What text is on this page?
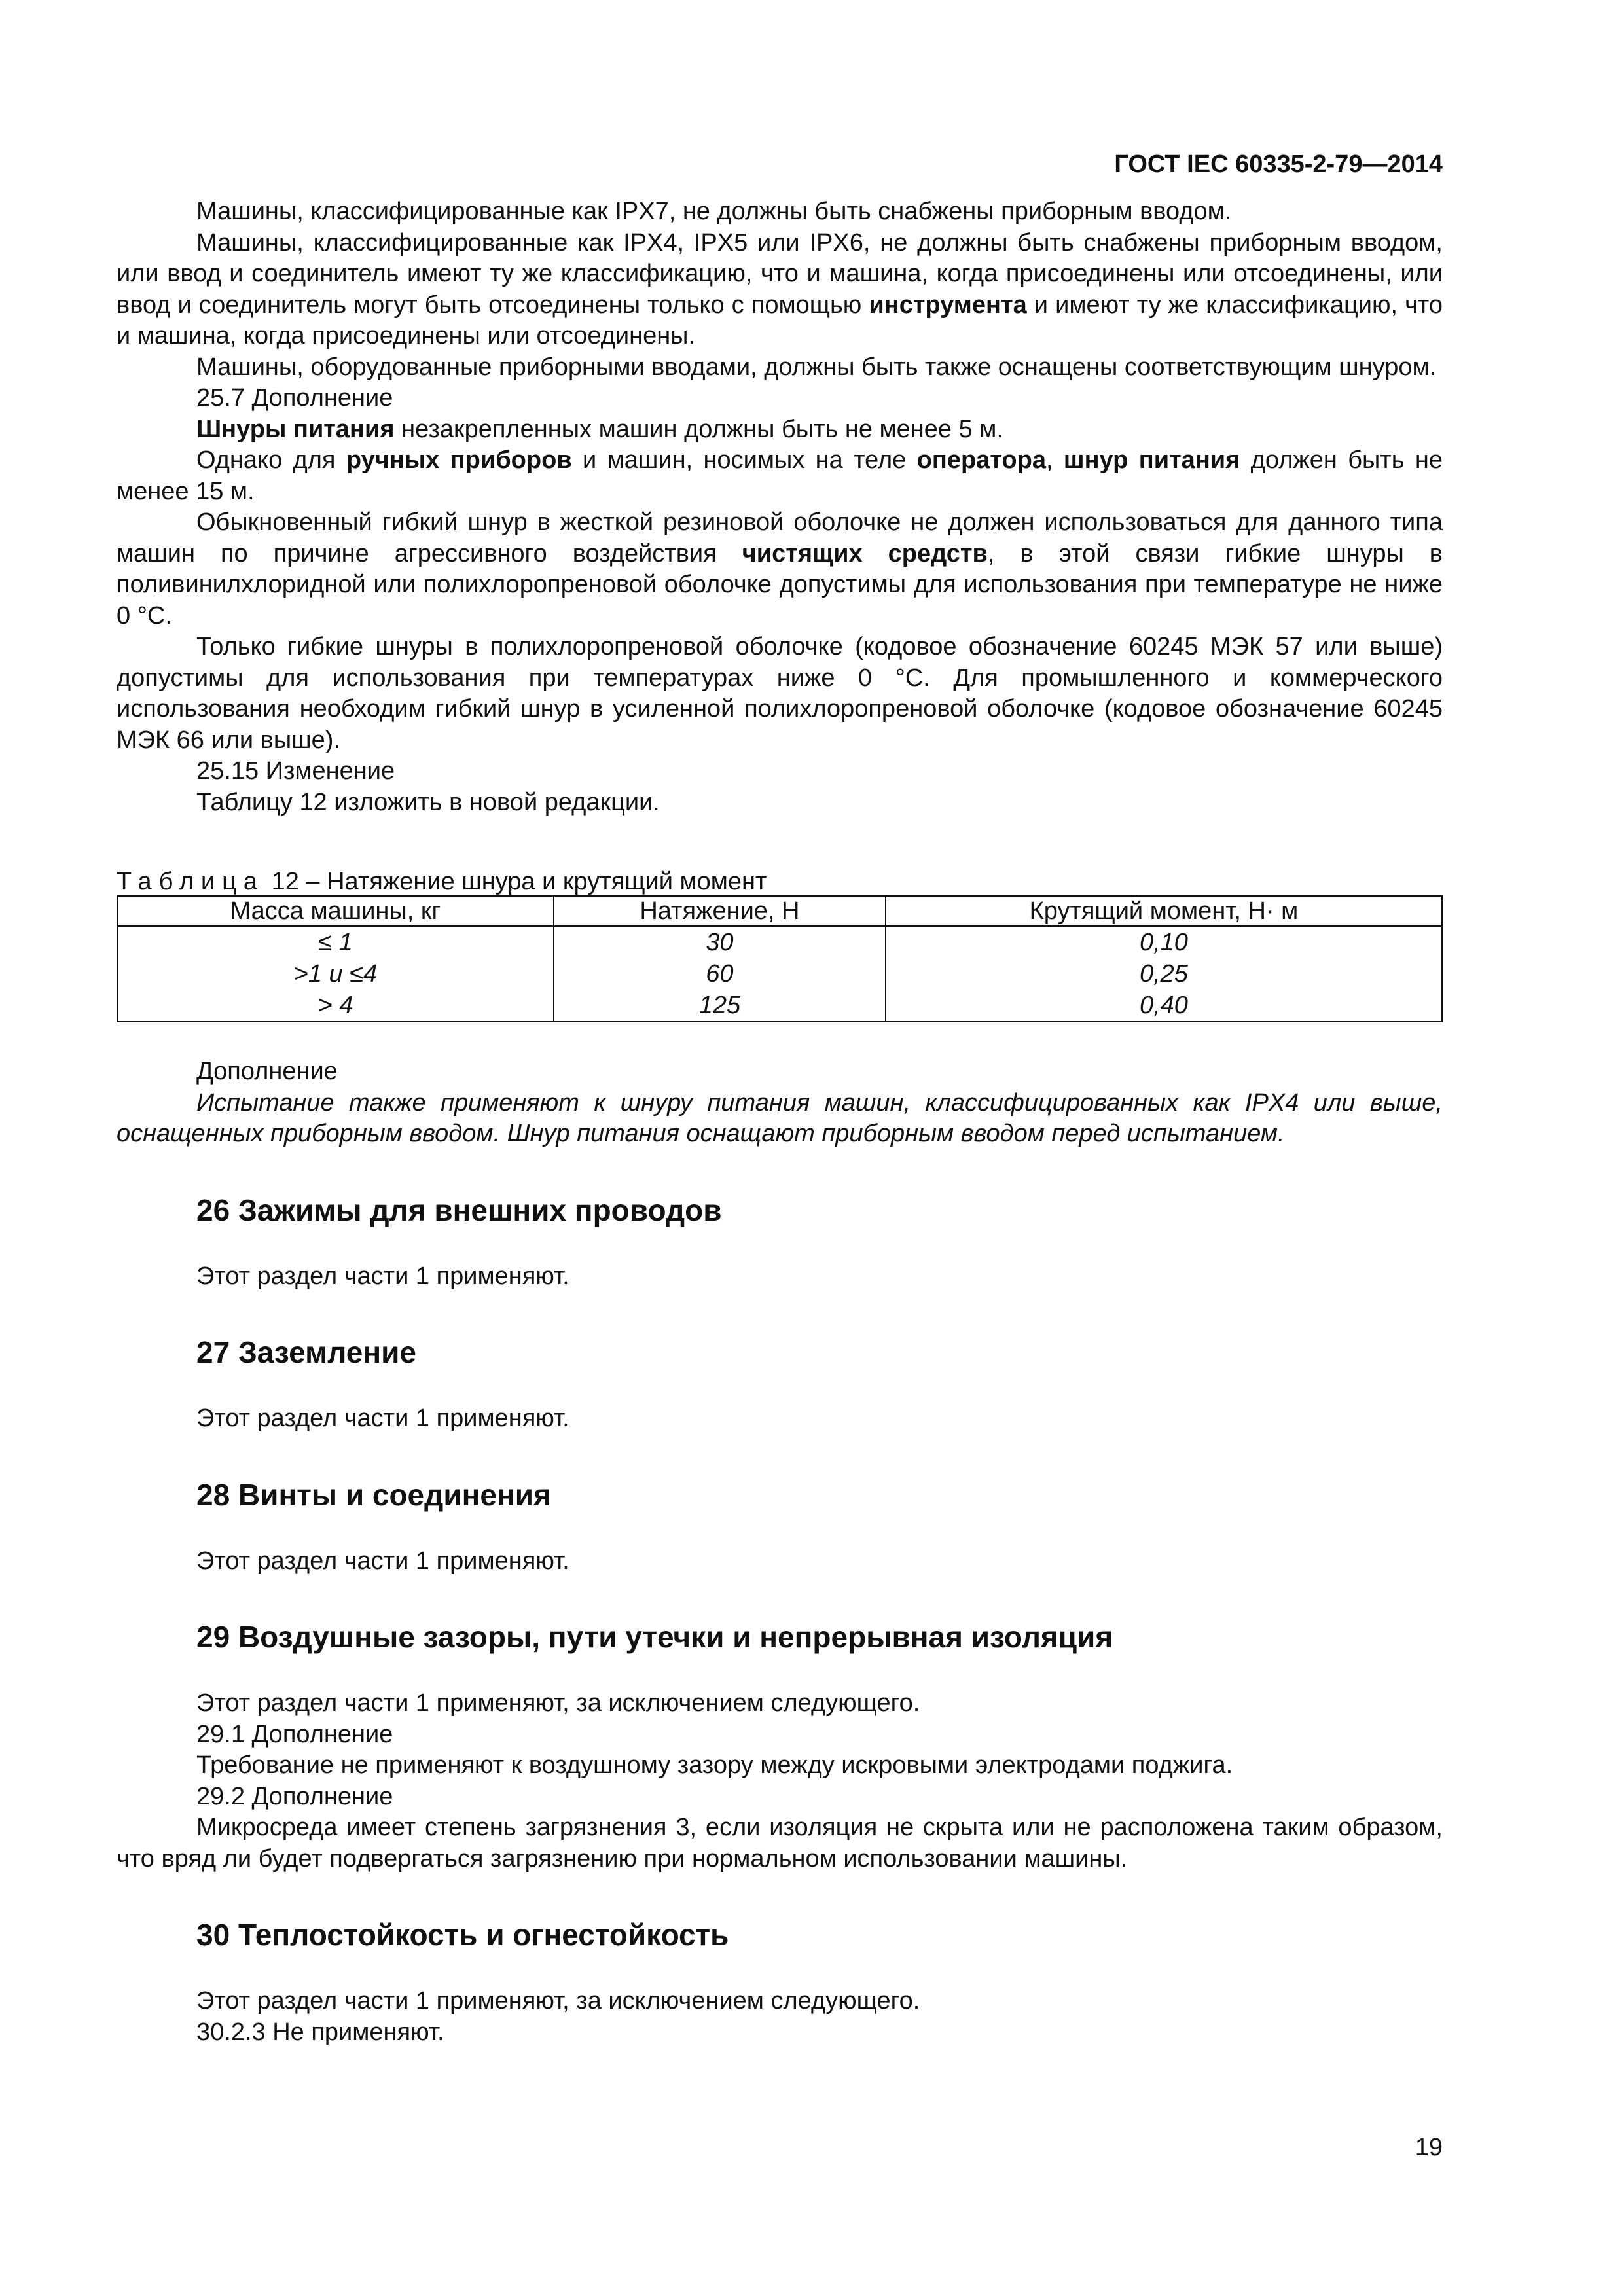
ГОСТ IEC 60335-2-79—2014

Машины, классифицированные как IPX7, не должны быть снабжены приборным вводом.

Машины, классифицированные как IPX4, IPX5 или IPX6, не должны быть снабжены приборным вводом, или ввод и соединитель имеют ту же классификацию, что и машина, когда присоединены или отсоединены, или ввод и соединитель могут быть отсоединены только с помощью инструмента и имеют ту же классификацию, что и машина, когда присоединены или отсоединены.

Машины, оборудованные приборными вводами, должны быть также оснащены соответствующим шнуром.

25.7 Дополнение

Шнуры питания незакрепленных машин должны быть не менее 5 м.

Однако для ручных приборов и машин, носимых на теле оператора, шнур питания должен быть не менее 15 м.

Обыкновенный гибкий шнур в жесткой резиновой оболочке не должен использоваться для данного типа машин по причине агрессивного воздействия чистящих средств, в этой связи гибкие шнуры в поливинилхлоридной или полихлоропреновой оболочке допустимы для использования при температуре не ниже 0 °С.

Только гибкие шнуры в полихлоропреновой оболочке (кодовое обозначение 60245 МЭК 57 или выше) допустимы для использования при температурах ниже 0 °С. Для промышленного и коммерческого использования необходим гибкий шнур в усиленной полихлоропреновой оболочке (кодовое обозначение 60245 МЭК 66 или выше).

25.15 Изменение

Таблицу 12 изложить в новой редакции.

Таблица 12 – Натяжение шнура и крутящий момент
Масса машины, кг	Натяжение, Н	Крутящий момент, Н· м
≤ 1	30	0,10
>1 и ≤4	60	0,25
> 4	125	0,40

Дополнение

Испытание также применяют к шнуру питания машин, классифицированных как IPX4 или выше, оснащенных приборным вводом. Шнур питания оснащают приборным вводом перед испытанием.

26 Зажимы для внешних проводов

Этот раздел части 1 применяют.

27 Заземление

Этот раздел части 1 применяют.

28 Винты и соединения

Этот раздел части 1 применяют.

29 Воздушные зазоры, пути утечки и непрерывная изоляция

Этот раздел части 1 применяют, за исключением следующего.

29.1 Дополнение

Требование не применяют к воздушному зазору между искровыми электродами поджига.

29.2 Дополнение

Микросреда имеет степень загрязнения 3, если изоляция не скрыта или не расположена таким образом, что вряд ли будет подвергаться загрязнению при нормальном использовании машины.

30 Теплостойкость и огнестойкость

Этот раздел части 1 применяют, за исключением следующего.

30.2.3 Не применяют.

19
